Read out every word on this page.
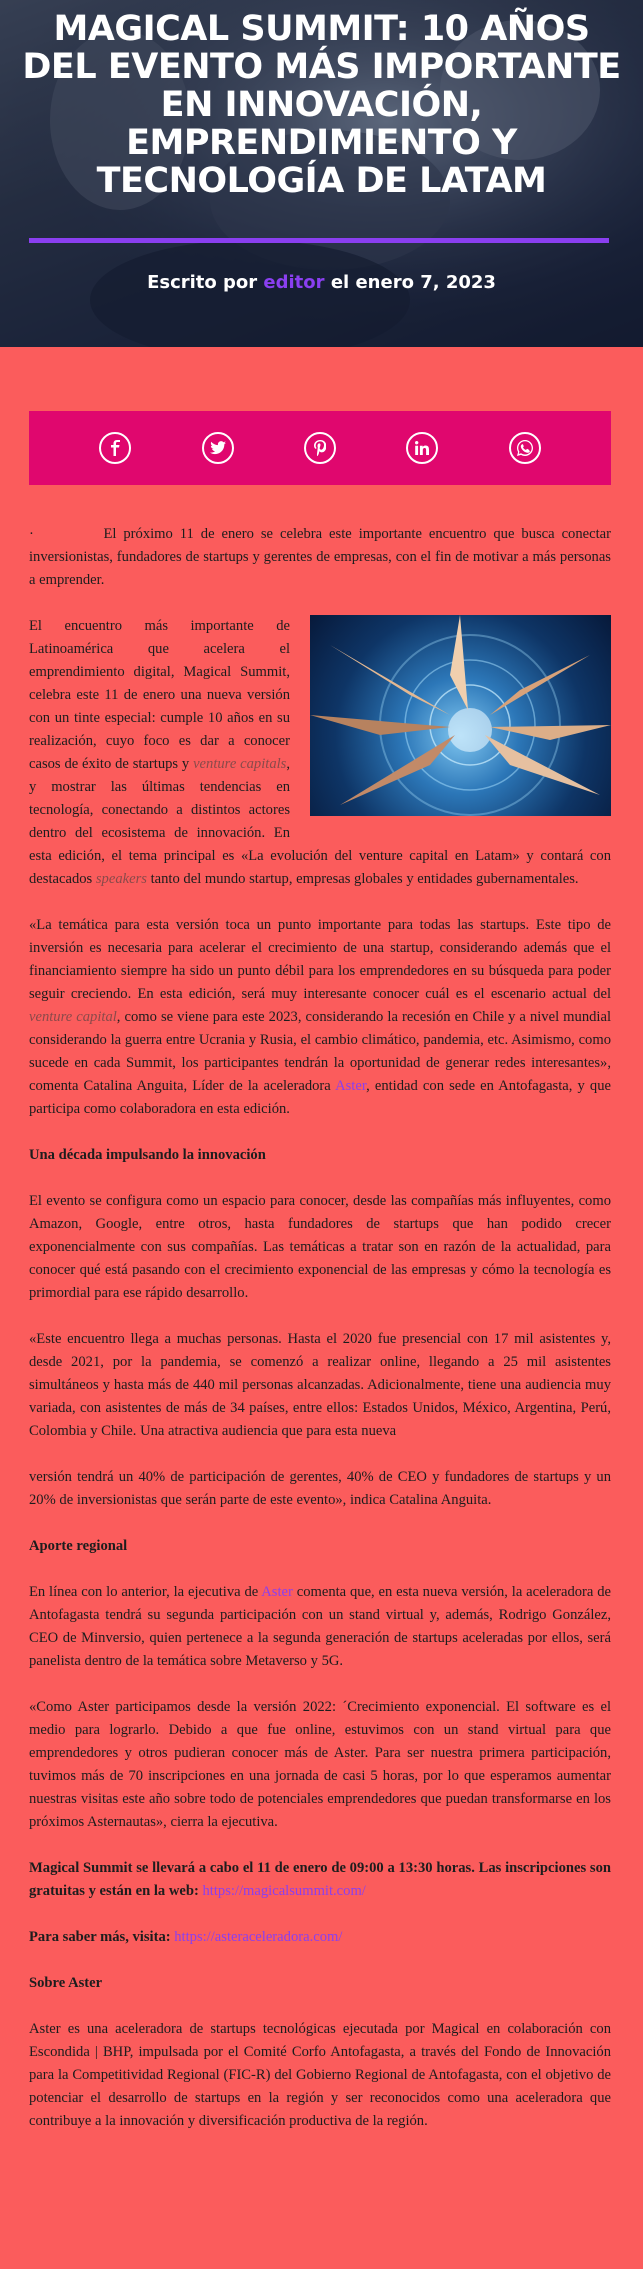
MAGICAL SUMMIT: 10 AÑOS DEL EVENTO MÁS IMPORTANTE EN INNOVACIÓN, EMPRENDIMIENTO Y TECNOLOGÍA DE LATAM
Escrito por editor el enero 7, 2023

·	El próximo 11 de enero se celebra este importante encuentro que busca conectar inversionistas, fundadores de startups y gerentes de empresas, con el fin de motivar a más personas a emprender.

El encuentro más importante de Latinoamérica que acelera el emprendimiento digital, Magical Summit, celebra este 11 de enero una nueva versión con un tinte especial: cumple 10 años en su realización, cuyo foco es dar a conocer casos de éxito de startups y venture capitals, y mostrar las últimas tendencias en tecnología, conectando a distintos actores dentro del ecosistema de innovación. En esta edición, el tema principal es «La evolución del venture capital en Latam» y contará con destacados speakers tanto del mundo startup, empresas globales y entidades gubernamentales.

«La temática para esta versión toca un punto importante para todas las startups. Este tipo de inversión es necesaria para acelerar el crecimiento de una startup, considerando además que el financiamiento siempre ha sido un punto débil para los emprendedores en su búsqueda para poder seguir creciendo. En esta edición, será muy interesante conocer cuál es el escenario actual del venture capital, como se viene para este 2023, considerando la recesión en Chile y a nivel mundial considerando la guerra entre Ucrania y Rusia, el cambio climático, pandemia, etc. Asimismo, como sucede en cada Summit, los participantes tendrán la oportunidad de generar redes interesantes», comenta Catalina Anguita, Líder de la aceleradora Aster, entidad con sede en Antofagasta, y que participa como colaboradora en esta edición.

Una década impulsando la innovación

El evento se configura como un espacio para conocer, desde las compañías más influyentes, como Amazon, Google, entre otros, hasta fundadores de startups que han podido crecer exponencialmente con sus compañías. Las temáticas a tratar son en razón de la actualidad, para conocer qué está pasando con el crecimiento exponencial de las empresas y cómo la tecnología es primordial para ese rápido desarrollo.

«Este encuentro llega a muchas personas. Hasta el 2020 fue presencial con 17 mil asistentes y, desde 2021, por la pandemia, se comenzó a realizar online, llegando a 25 mil asistentes simultáneos y hasta más de 440 mil personas alcanzadas. Adicionalmente, tiene una audiencia muy variada, con asistentes de más de 34 países, entre ellos: Estados Unidos, México, Argentina, Perú, Colombia y Chile. Una atractiva audiencia que para esta nueva

versión tendrá un 40% de participación de gerentes, 40% de CEO y fundadores de startups y un 20% de inversionistas que serán parte de este evento», indica Catalina Anguita.

Aporte regional

En línea con lo anterior, la ejecutiva de Aster comenta que, en esta nueva versión, la aceleradora de Antofagasta tendrá su segunda participación con un stand virtual y, además, Rodrigo González, CEO de Minversio, quien pertenece a la segunda generación de startups aceleradas por ellos, será panelista dentro de la temática sobre Metaverso y 5G.

«Como Aster participamos desde la versión 2022: ´Crecimiento exponencial. El software es el medio para lograrlo. Debido a que fue online, estuvimos con un stand virtual para que emprendedores y otros pudieran conocer más de Aster. Para ser nuestra primera participación, tuvimos más de 70 inscripciones en una jornada de casi 5 horas, por lo que esperamos aumentar nuestras visitas este año sobre todo de potenciales emprendedores que puedan transformarse en los próximos Asternautas», cierra la ejecutiva.

Magical Summit se llevará a cabo el 11 de enero de 09:00 a 13:30 horas. Las inscripciones son gratuitas y están en la web: https://magicalsummit.com/

Para saber más, visita: https://asteraceleradora.com/

Sobre Aster

Aster es una aceleradora de startups tecnológicas ejecutada por Magical en colaboración con Escondida | BHP, impulsada por el Comité Corfo Antofagasta, a través del Fondo de Innovación para la Competitividad Regional (FIC-R) del Gobierno Regional de Antofagasta, con el objetivo de potenciar el desarrollo de startups en la región y ser reconocidos como una aceleradora que contribuye a la innovación y diversificación productiva de la región.
